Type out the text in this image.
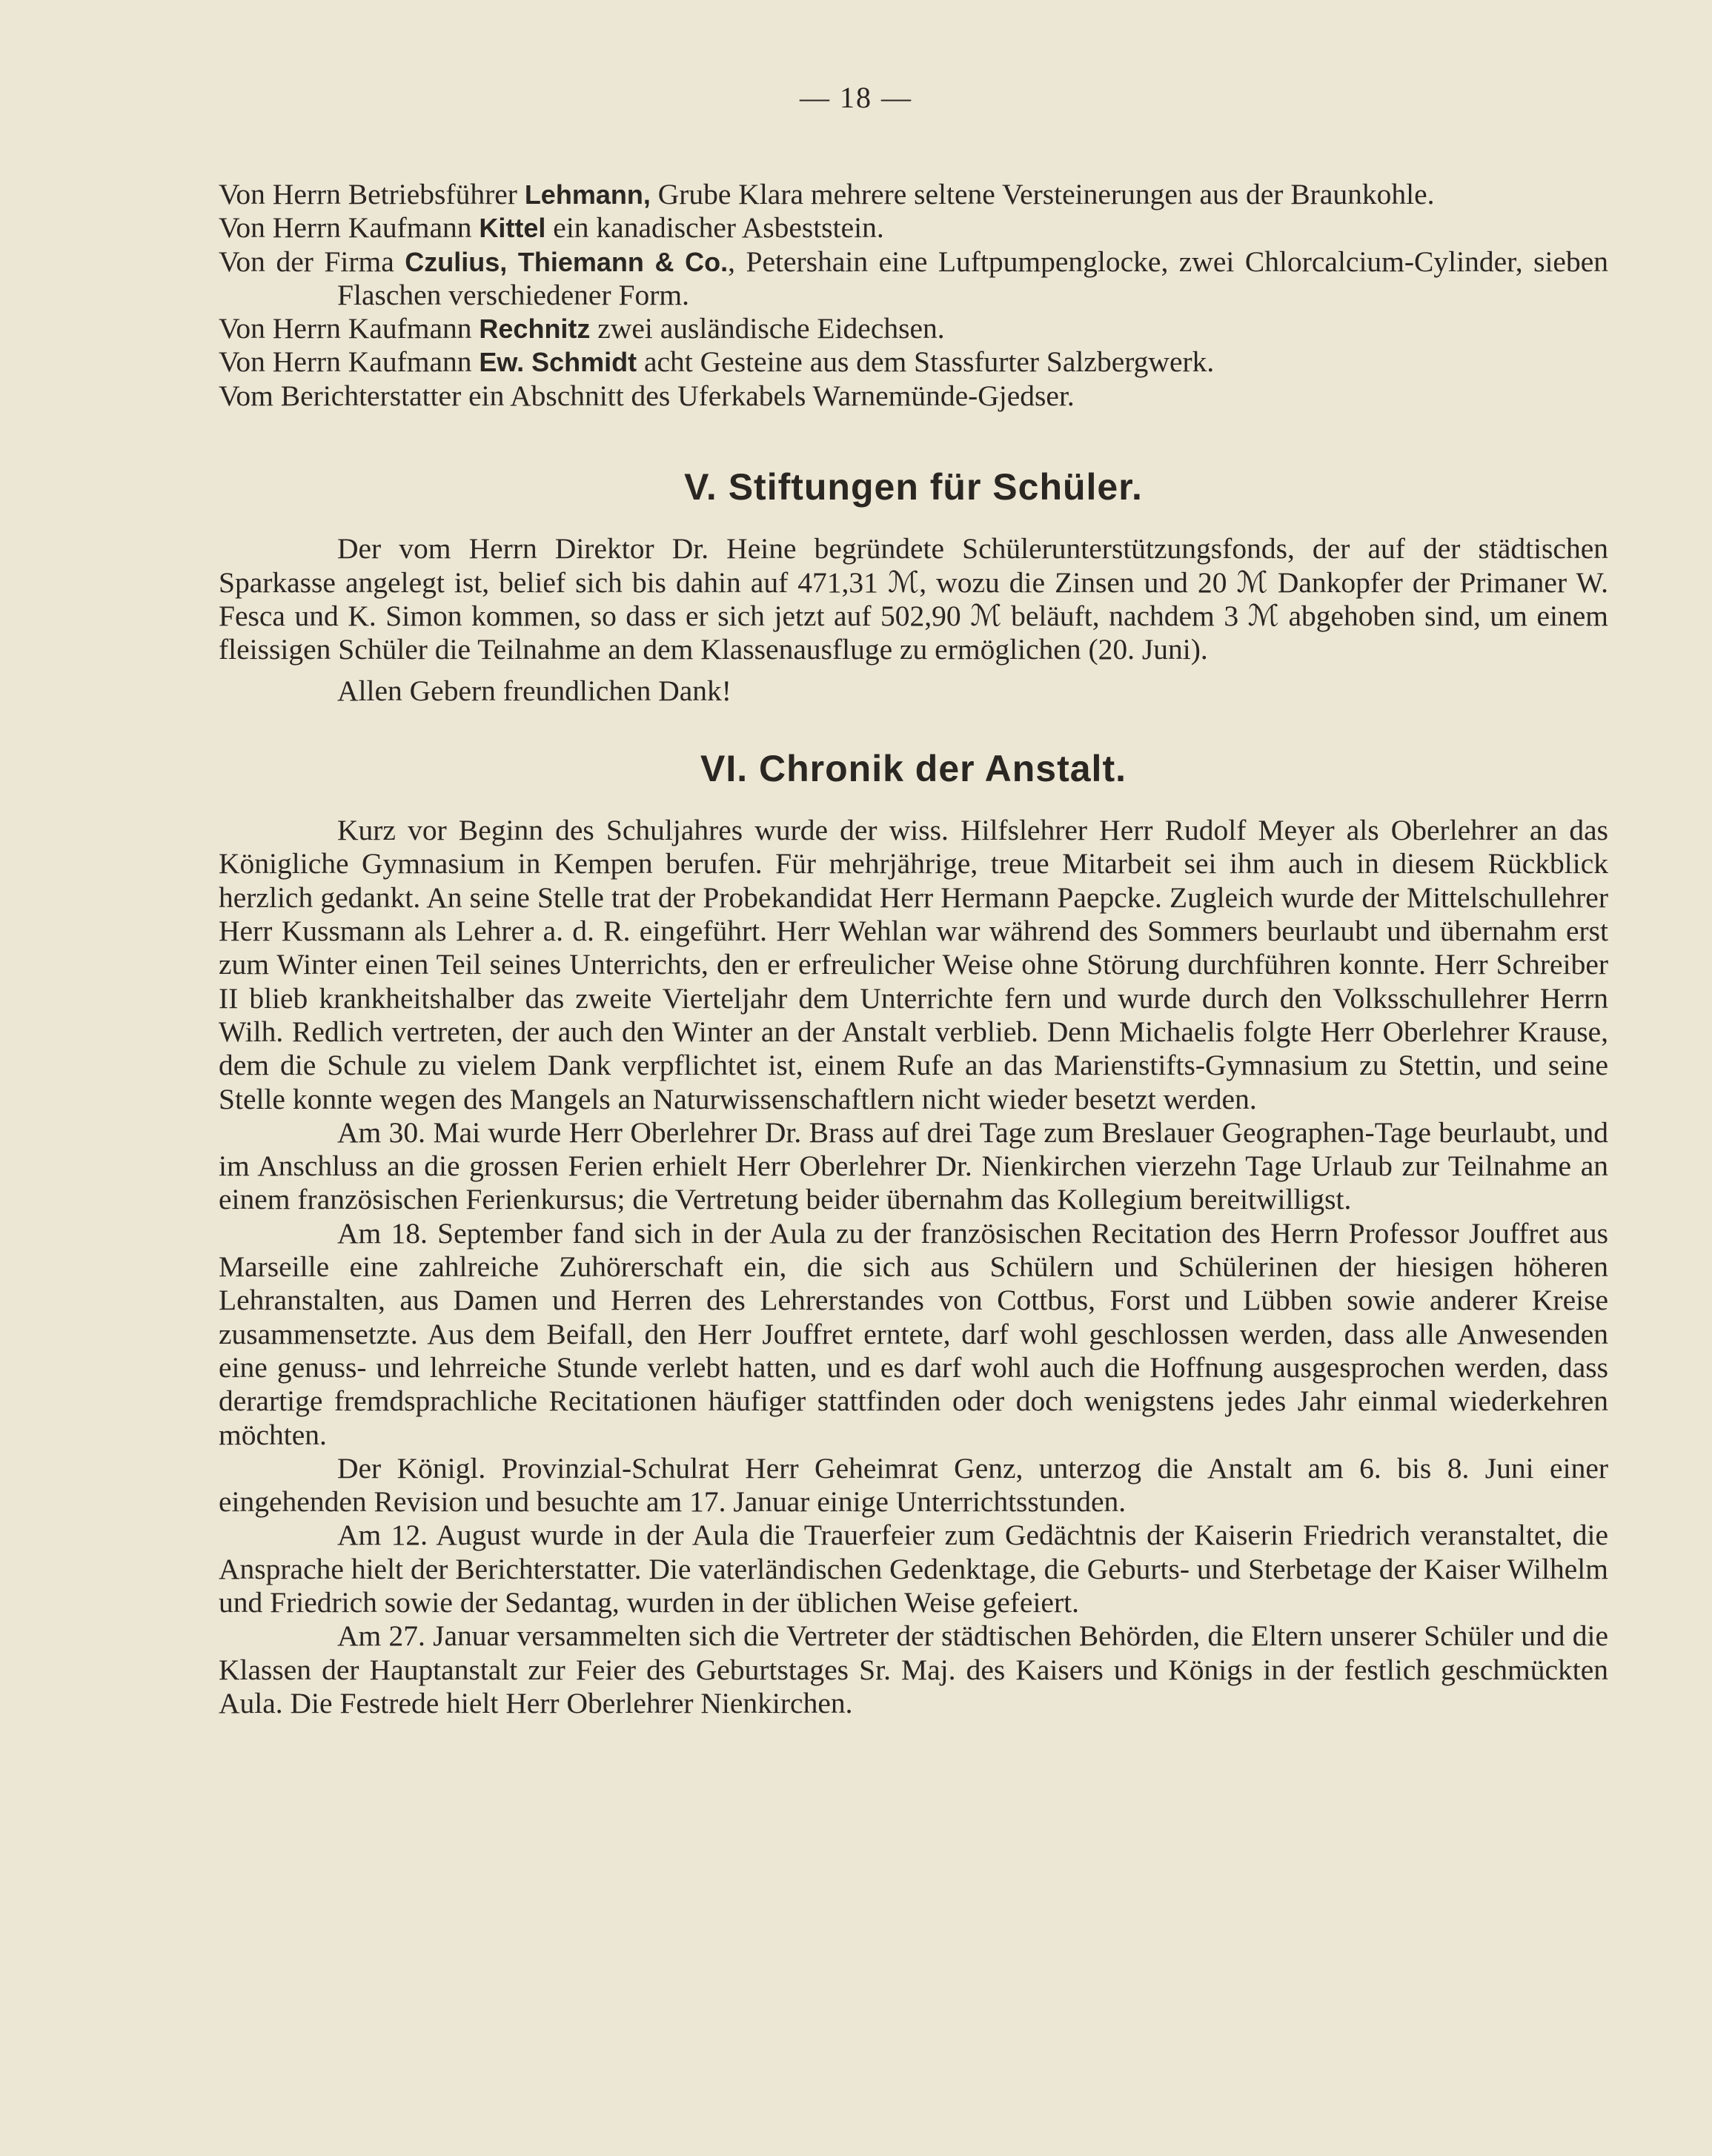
— 18 —

Von Herrn Betriebsführer Lehmann, Grube Klara mehrere seltene Versteinerungen aus der Braunkohle.

Von Herrn Kaufmann Kittel ein kanadischer Asbeststein.

Von der Firma Czulius, Thiemann & Co., Petershain eine Luftpumpenglocke, zwei Chlorcalcium-Cylinder, sieben Flaschen verschiedener Form.

Von Herrn Kaufmann Rechnitz zwei ausländische Eidechsen.

Von Herrn Kaufmann Ew. Schmidt acht Gesteine aus dem Stassfurter Salzbergwerk.

Vom Berichterstatter ein Abschnitt des Uferkabels Warnemünde-Gjedser.

V. Stiftungen für Schüler.

Der vom Herrn Direktor Dr. Heine begründete Schülerunterstützungsfonds, der auf der städtischen Sparkasse angelegt ist, belief sich bis dahin auf 471,31 ℳ, wozu die Zinsen und 20 ℳ Dankopfer der Primaner W. Fesca und K. Simon kommen, so dass er sich jetzt auf 502,90 ℳ beläuft, nachdem 3 ℳ abgehoben sind, um einem fleissigen Schüler die Teilnahme an dem Klassenausfluge zu ermöglichen (20. Juni).

Allen Gebern freundlichen Dank!

VI. Chronik der Anstalt.

Kurz vor Beginn des Schuljahres wurde der wiss. Hilfslehrer Herr Rudolf Meyer als Oberlehrer an das Königliche Gymnasium in Kempen berufen. Für mehrjährige, treue Mitarbeit sei ihm auch in diesem Rückblick herzlich gedankt. An seine Stelle trat der Probekandidat Herr Hermann Paepcke. Zugleich wurde der Mittelschullehrer Herr Kussmann als Lehrer a. d. R. eingeführt. Herr Wehlan war während des Sommers beurlaubt und übernahm erst zum Winter einen Teil seines Unterrichts, den er erfreulicher Weise ohne Störung durchführen konnte. Herr Schreiber II blieb krankheitshalber das zweite Vierteljahr dem Unterrichte fern und wurde durch den Volksschullehrer Herrn Wilh. Redlich vertreten, der auch den Winter an der Anstalt verblieb. Denn Michaelis folgte Herr Oberlehrer Krause, dem die Schule zu vielem Dank verpflichtet ist, einem Rufe an das Marienstifts-Gymnasium zu Stettin, und seine Stelle konnte wegen des Mangels an Naturwissenschaftlern nicht wieder besetzt werden.

Am 30. Mai wurde Herr Oberlehrer Dr. Brass auf drei Tage zum Breslauer Geographen-Tage beurlaubt, und im Anschluss an die grossen Ferien erhielt Herr Oberlehrer Dr. Nienkirchen vierzehn Tage Urlaub zur Teilnahme an einem französischen Ferienkursus; die Vertretung beider übernahm das Kollegium bereitwilligst.

Am 18. September fand sich in der Aula zu der französischen Recitation des Herrn Professor Jouffret aus Marseille eine zahlreiche Zuhörerschaft ein, die sich aus Schülern und Schülerinen der hiesigen höheren Lehranstalten, aus Damen und Herren des Lehrerstandes von Cottbus, Forst und Lübben sowie anderer Kreise zusammensetzte. Aus dem Beifall, den Herr Jouffret erntete, darf wohl geschlossen werden, dass alle Anwesenden eine genuss- und lehrreiche Stunde verlebt hatten, und es darf wohl auch die Hoffnung ausgesprochen werden, dass derartige fremdsprachliche Recitationen häufiger stattfinden oder doch wenigstens jedes Jahr einmal wiederkehren möchten.

Der Königl. Provinzial-Schulrat Herr Geheimrat Genz, unterzog die Anstalt am 6. bis 8. Juni einer eingehenden Revision und besuchte am 17. Januar einige Unterrichtsstunden.

Am 12. August wurde in der Aula die Trauerfeier zum Gedächtnis der Kaiserin Friedrich veranstaltet, die Ansprache hielt der Berichterstatter. Die vaterländischen Gedenktage, die Geburts- und Sterbetage der Kaiser Wilhelm und Friedrich sowie der Sedantag, wurden in der üblichen Weise gefeiert.

Am 27. Januar versammelten sich die Vertreter der städtischen Behörden, die Eltern unserer Schüler und die Klassen der Hauptanstalt zur Feier des Geburtstages Sr. Maj. des Kaisers und Königs in der festlich geschmückten Aula. Die Festrede hielt Herr Oberlehrer Nienkirchen.
